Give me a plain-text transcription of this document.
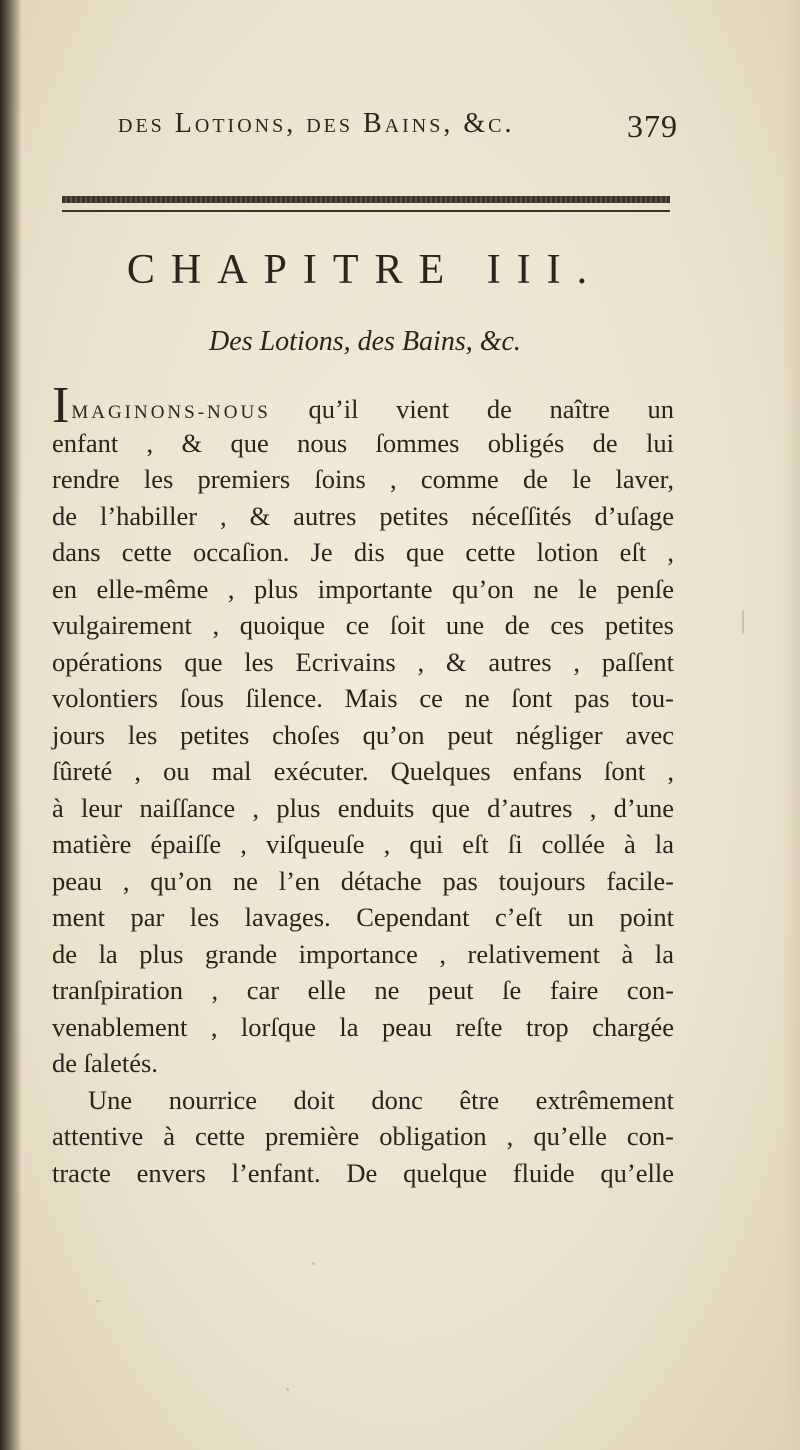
des Lotions, des Bains, &c.	379
CHAPITRE III.
Des Lotions, des Bains, &c.
IMAGINONS-NOUS qu’il vient de naître un
enfant , & que nous ſommes obligés de lui
rendre les premiers ſoins , comme de le laver,
de l’habiller , & autres petites néceſſités d’uſage
dans cette occaſion. Je dis que cette lotion eſt ,
en elle-même , plus importante qu’on ne le penſe
vulgairement , quoique ce ſoit une de ces petites
opérations que les Ecrivains , & autres , paſſent
volontiers ſous ſilence. Mais ce ne ſont pas tou-
jours les petites choſes qu’on peut négliger avec
ſûreté , ou mal exécuter. Quelques enfans ſont ,
à leur naiſſance , plus enduits que d’autres , d’une
matière épaiſſe , viſqueuſe , qui eſt ſi collée à la
peau , qu’on ne l’en détache pas toujours facile-
ment par les lavages. Cependant c’eſt un point
de la plus grande importance , relativement à la
tranſpiration , car elle ne peut ſe faire con-
venablement , lorſque la peau reſte trop chargée
de ſaletés.
Une nourrice doit donc être extrêmement
attentive à cette première obligation , qu’elle con-
tracte envers l’enfant. De quelque fluide qu’elle
